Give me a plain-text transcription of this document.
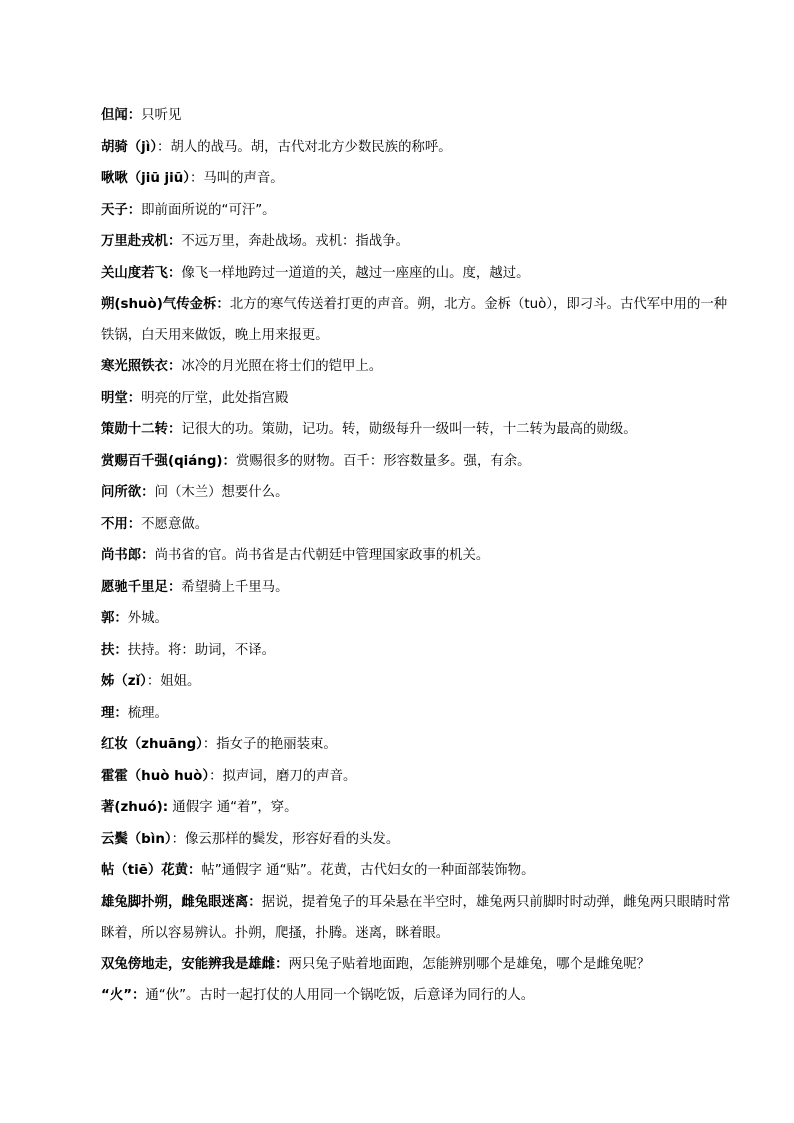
但闻：只听见
胡骑（jì）：胡人的战马。胡，古代对北方少数民族的称呼。
啾啾（jiū jiū）：马叫的声音。
天子：即前面所说的“可汗”。
万里赴戎机：不远万里，奔赴战场。戎机：指战争。
关山度若飞：像飞一样地跨过一道道的关，越过一座座的山。度，越过。
朔(shuò)气传金柝：北方的寒气传送着打更的声音。朔，北方。金柝（tuò），即刁斗。古代军中用的一种铁锅，白天用来做饭，晚上用来报更。
寒光照铁衣：冰冷的月光照在将士们的铠甲上。
明堂：明亮的厅堂，此处指宫殿
策勋十二转：记很大的功。策勋，记功。转，勋级每升一级叫一转，十二转为最高的勋级。
赏赐百千强(qiáng)：赏赐很多的财物。百千：形容数量多。强，有余。
问所欲：问（木兰）想要什么。
不用：不愿意做。
尚书郎：尚书省的官。尚书省是古代朝廷中管理国家政事的机关。
愿驰千里足：希望骑上千里马。
郭：外城。
扶：扶持。将：助词，不译。
姊（zǐ）：姐姐。
理：梳理。
红妆（zhuāng）：指女子的艳丽装束。
霍霍（huò huò）：拟声词，磨刀的声音。
著(zhuó): 通假字 通“着”，穿。
云鬓（bìn）：像云那样的鬓发，形容好看的头发。
帖（tiē）花黄：帖”通假字 通“贴”。花黄，古代妇女的一种面部装饰物。
雄兔脚扑朔，雌兔眼迷离：据说，提着兔子的耳朵悬在半空时，雄兔两只前脚时时动弹，雌兔两只眼睛时常眯着，所以容易辨认。扑朔，爬搔，扑腾。迷离，眯着眼。
双兔傍地走，安能辨我是雄雌：两只兔子贴着地面跑，怎能辨别哪个是雄兔，哪个是雌兔呢？
“火”：通“伙”。古时一起打仗的人用同一个锅吃饭，后意译为同行的人。
